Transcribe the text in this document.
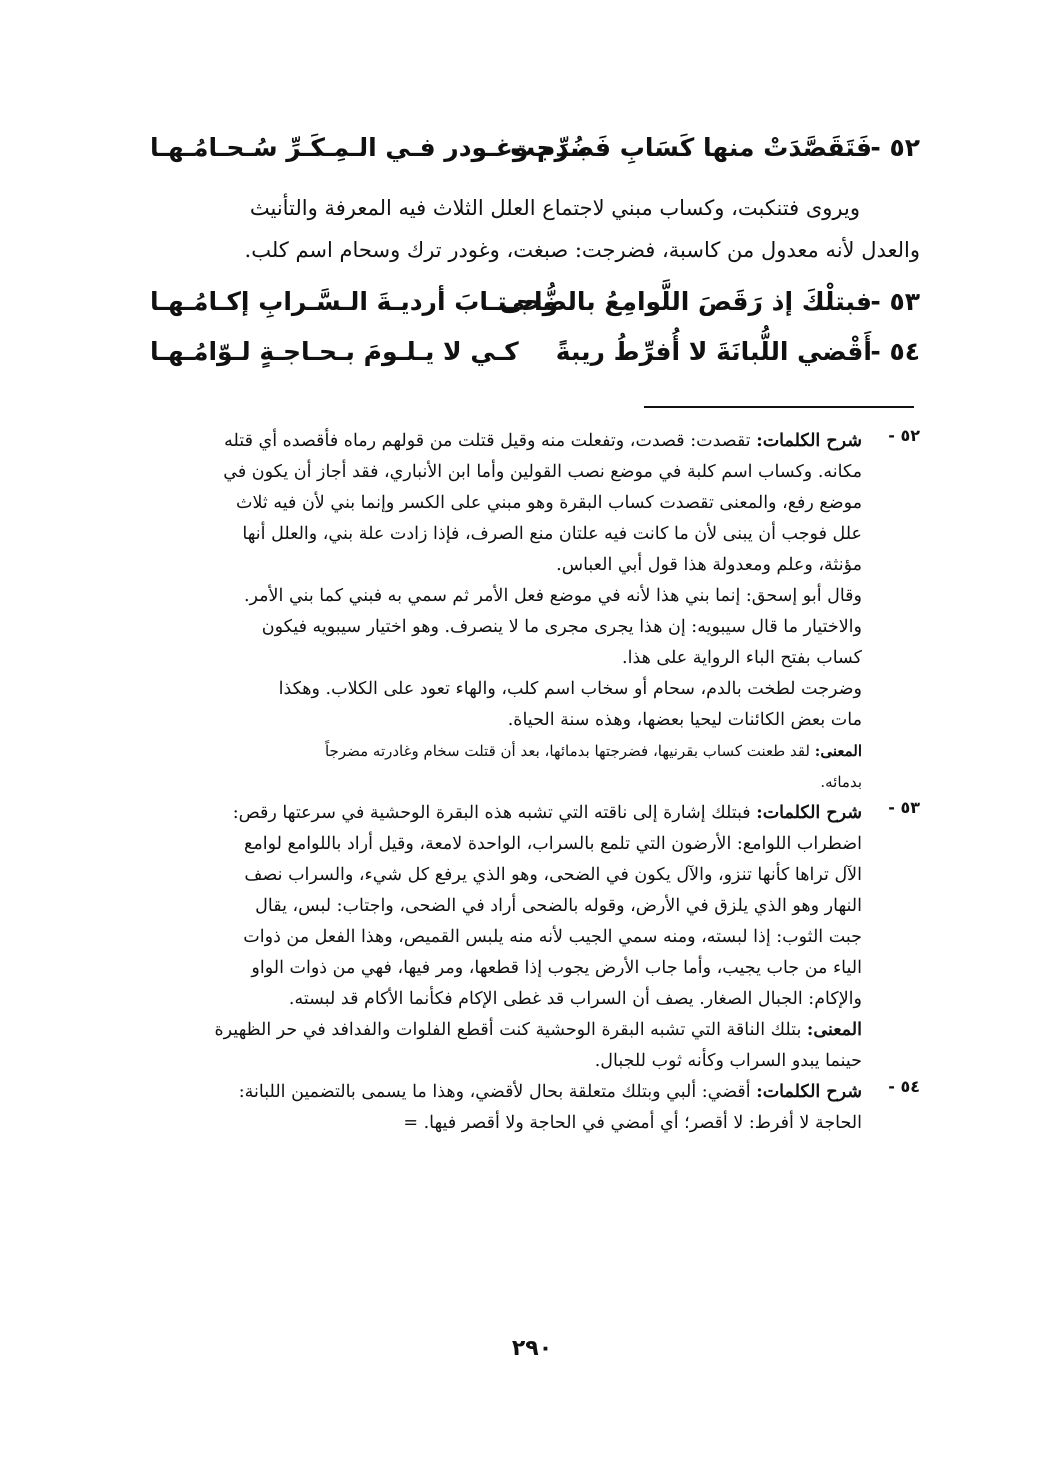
٥٢ -
فَتَقَصَّدَتْ منها كَسَابِ فَضُرِّجت
بـدم وغـودر فـي الـمِـكَـرِّ سُـحـامُـهـا

ويروى فتنكبت، وكساب مبني لاجتماع العلل الثلاث فيه المعرفة والتأنيث

والعدل لأنه معدول من كاسبة، فضرجت: صبغت، وغودر ترك وسحام اسم كلب.

٥٣ -
فبتلْكَ إذ رَقَصَ اللَّوامِعُ بالضُّحى
واجـتـابَ أرديـةَ الـسَّـرابِ إكـامُـهـا
٥٤ -
أَقْضي اللُّبانَةَ لا أُفرِّطُ ريبةً
كـي لا يـلـومَ بـحـاجـةٍ لـوّامُـهـا
٥٢ -
شرح الكلمات: تقصدت: قصدت، وتفعلت منه وقيل قتلت من قولهم رماه فأقصده أي قتله
مكانه. وكساب اسم كلبة في موضع نصب القولين وأما ابن الأنباري، فقد أجاز أن يكون في
موضع رفع، والمعنى تقصدت كساب البقرة وهو مبني على الكسر وإنما بني لأن فيه ثلاث
علل فوجب أن يبنى لأن ما كانت فيه علتان منع الصرف، فإذا زادت علة بني، والعلل أنها
مؤنثة، وعلم ومعدولة هذا قول أبي العباس.
وقال أبو إسحق: إنما بني هذا لأنه في موضع فعل الأمر ثم سمي به فبني كما بني الأمر.
والاختيار ما قال سيبويه: إن هذا يجرى مجرى ما لا ينصرف. وهو اختيار سيبويه فيكون
كساب بفتح الباء الرواية على هذا.
وضرجت لطخت بالدم، سحام أو سخاب اسم كلب، والهاء تعود على الكلاب. وهكذا
مات بعض الكائنات ليحيا بعضها، وهذه سنة الحياة.
المعنى: لقد طعنت كساب بقرنيها، فضرجتها بدمائها، بعد أن قتلت سخام وغادرته مضرجاً
بدمائه.
٥٣ -
شرح الكلمات: فبتلك إشارة إلى ناقته التي تشبه هذه البقرة الوحشية في سرعتها رقص:
اضطراب اللوامع: الأرضون التي تلمع بالسراب، الواحدة لامعة، وقيل أراد باللوامع لوامع
الآل تراها كأنها تنزو، والآل يكون في الضحى، وهو الذي يرفع كل شيء، والسراب نصف
النهار وهو الذي يلزق في الأرض، وقوله بالضحى أراد في الضحى، واجتاب: لبس، يقال
جبت الثوب: إذا لبسته، ومنه سمي الجيب لأنه منه يلبس القميص، وهذا الفعل من ذوات
الياء من جاب يجيب، وأما جاب الأرض يجوب إذا قطعها، ومر فيها، فهي من ذوات الواو
والإكام: الجبال الصغار. يصف أن السراب قد غطى الإكام فكأنما الأكام قد لبسته.
المعنى: بتلك الناقة التي تشبه البقرة الوحشية كنت أقطع الفلوات والفدافد في حر الظهيرة
حينما يبدو السراب وكأنه ثوب للجبال.
٥٤ -
شرح الكلمات: أقضي: ألبي وبتلك متعلقة بحال لأقضي، وهذا ما يسمى بالتضمين اللبانة:
الحاجة لا أفرط: لا أقصر؛ أي أمضي في الحاجة ولا أقصر فيها. =
٢٩٠
